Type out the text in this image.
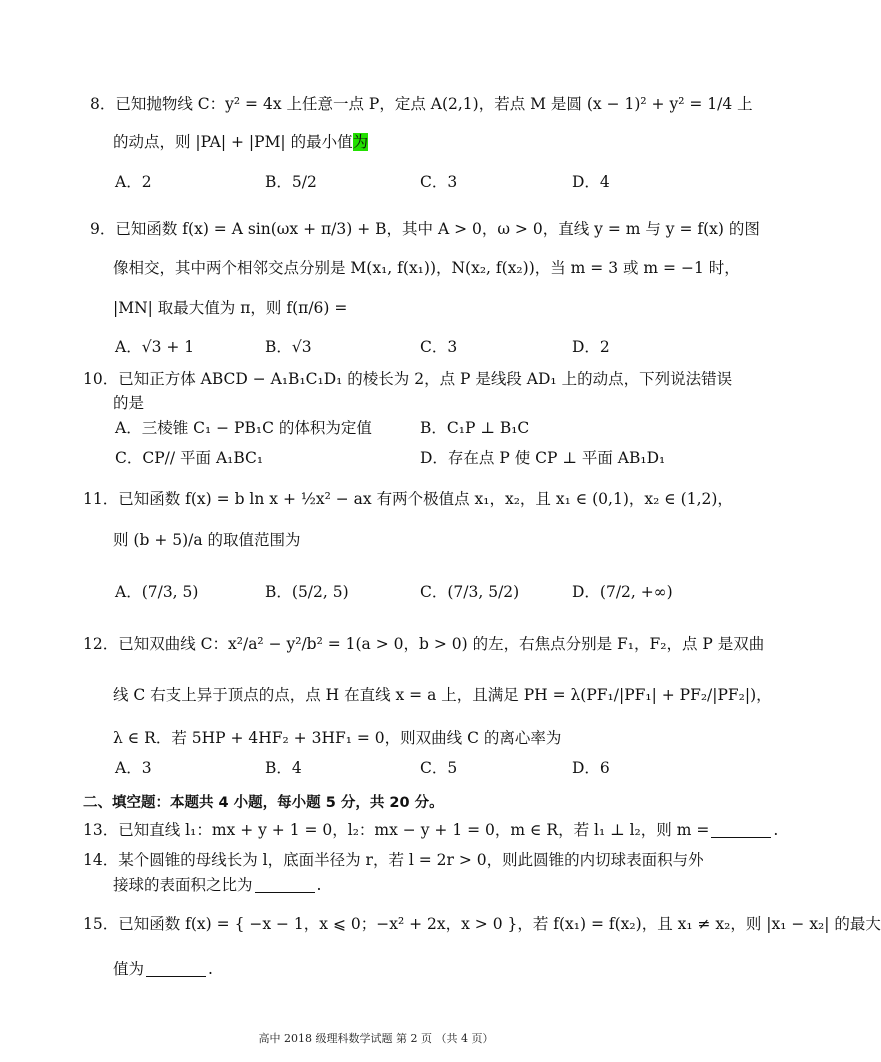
8．已知抛物线 C：y² = 4x 上任意一点 P，定点 A(2,1)，若点 M 是圆 (x − 1)² + y² = 1/4 上
的动点，则 |PA| + |PM| 的最小值为
A．2	B．5/2	C．3	D．4
9．已知函数 f(x) = A sin(ωx + π/3) + B，其中 A > 0，ω > 0，直线 y = m 与 y = f(x) 的图
像相交，其中两个相邻交点分别是 M(x₁, f(x₁))，N(x₂, f(x₂))，当 m = 3 或 m = −1 时，
|MN| 取最大值为 π，则 f(π/6) =
A．√3 + 1	B．√3	C．3	D．2
10．已知正方体 ABCD − A₁B₁C₁D₁ 的棱长为 2，点 P 是线段 AD₁ 上的动点，下列说法错误
的是
A．三棱锥 C₁ − PB₁C 的体积为定值	B．C₁P ⊥ B₁C
C．CP// 平面 A₁BC₁	D．存在点 P 使 CP ⊥ 平面 AB₁D₁
11．已知函数 f(x) = b ln x + ½x² − ax 有两个极值点 x₁，x₂，且 x₁ ∈ (0,1)，x₂ ∈ (1,2)，
则 (b + 5)/a 的取值范围为
A．(7/3, 5)	B．(5/2, 5)	C．(7/3, 5/2)	D．(7/2, +∞)
12．已知双曲线 C：x²/a² − y²/b² = 1(a > 0，b > 0) 的左，右焦点分别是 F₁，F₂，点 P 是双曲
线 C 右支上异于顶点的点，点 H 在直线 x = a 上，且满足 PH = λ(PF₁/|PF₁| + PF₂/|PF₂|)，
λ ∈ R．若 5HP + 4HF₂ + 3HF₁ = 0，则双曲线 C 的离心率为
A．3	B．4	C．5	D．6
二、填空题：本题共 4 小题，每小题 5 分，共 20 分。
13．已知直线 l₁：mx + y + 1 = 0，l₂：mx − y + 1 = 0，m ∈ R，若 l₁ ⊥ l₂，则 m =	.
14．某个圆锥的母线长为 l，底面半径为 r，若 l = 2r > 0，则此圆锥的内切球表面积与外
接球的表面积之比为	.
15．已知函数 f(x) = { −x − 1，x ⩽ 0；−x² + 2x，x > 0 }，若 f(x₁) = f(x₂)，且 x₁ ≠ x₂，则 |x₁ − x₂| 的最大
值为	.
高中 2018 级理科数学试题 第 2 页 （共 4 页）
